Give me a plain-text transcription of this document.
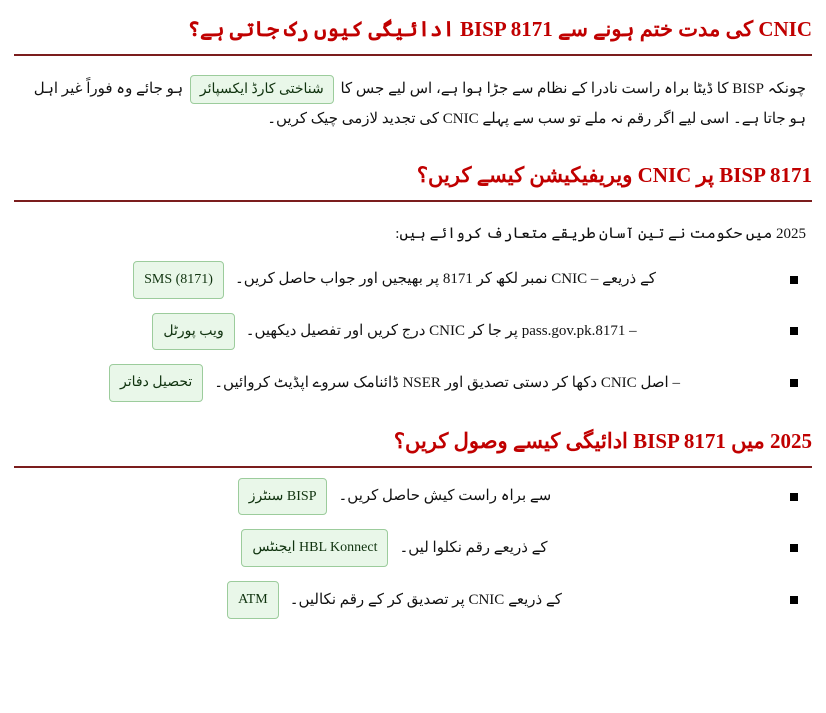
CNIC کی مدت ختم ہونے سے BISP 8171 ادائیگی کیوں رک جاتی ہے؟

چونکہ BISP کا ڈیٹا براہ راست نادرا کے نظام سے جڑا ہوا ہے، اس لیے جس کا شناختی کارڈ ایکسپائر ہو جائے وہ فوراً غیر اہل ہو جاتا ہے۔ اسی لیے اگر رقم نہ ملے تو سب سے پہلے CNIC کی تجدید لازمی چیک کریں۔

BISP 8171 پر CNIC ویریفیکیشن کیسے کریں؟

2025 میں حکومت نے تین آسان طریقے متعارف کروائے ہیں:

کے ذریعے – CNIC نمبر لکھ کر 8171 پر بھیجیں اور جواب حاصل کریں۔
SMS (8171)
– 8171.pass.gov.pk پر جا کر CNIC درج کریں اور تفصیل دیکھیں۔
ویب پورٹل
– اصل CNIC دکھا کر دستی تصدیق اور NSER ڈائنامک سروے اپڈیٹ کروائیں۔
تحصیل دفاتر
2025 میں BISP 8171 ادائیگی کیسے وصول کریں؟
سے براہ راست کیش حاصل کریں۔
BISP سنٹرز
کے ذریعے رقم نکلوا لیں۔
HBL Konnect ایجنٹس
کے ذریعے CNIC پر تصدیق کر کے رقم نکالیں۔
ATM
